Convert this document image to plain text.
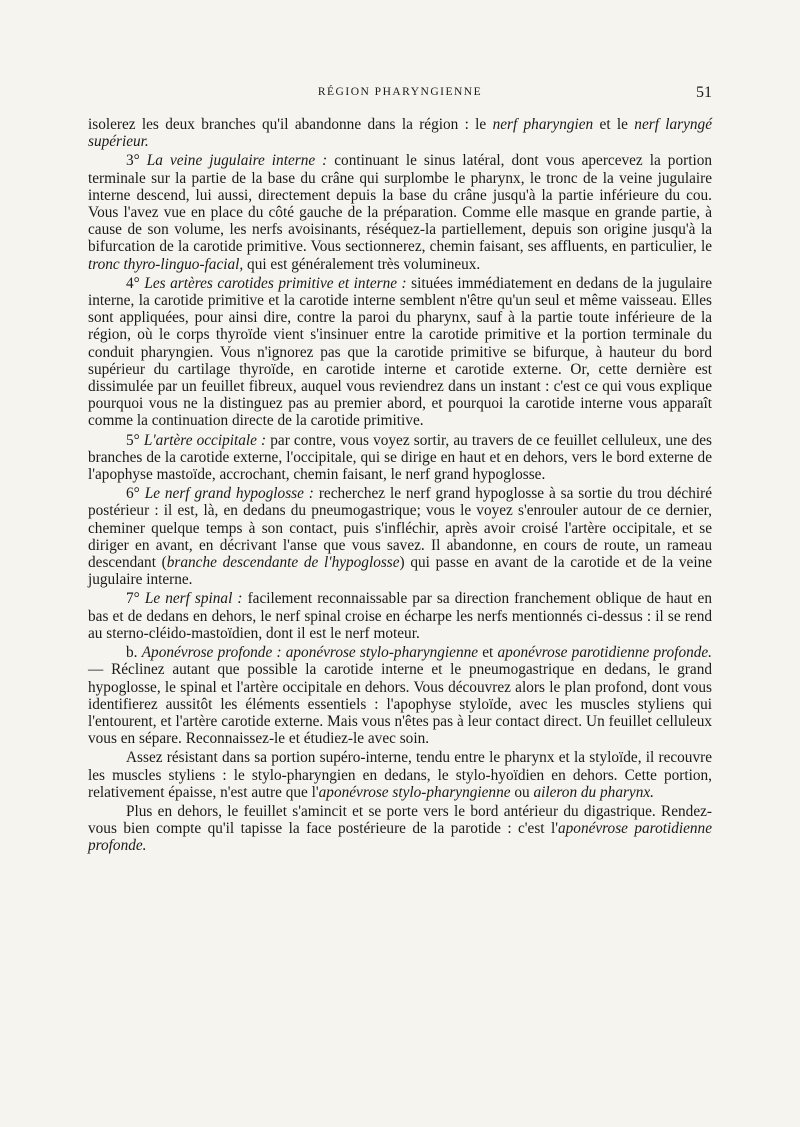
RÉGION PHARYNGIENNE	51

isolerez les deux branches qu'il abandonne dans la région : le nerf pharyngien et le nerf laryngé supérieur.

3° La veine jugulaire interne : continuant le sinus latéral, dont vous apercevez la portion terminale sur la partie de la base du crâne qui surplombe le pharynx, le tronc de la veine jugulaire interne descend, lui aussi, directement depuis la base du crâne jusqu'à la partie inférieure du cou. Vous l'avez vue en place du côté gauche de la préparation. Comme elle masque en grande partie, à cause de son volume, les nerfs avoisinants, réséquez-la partiellement, depuis son origine jusqu'à la bifurcation de la carotide primitive. Vous sectionnerez, chemin faisant, ses affluents, en particulier, le tronc thyro-linguo-facial, qui est généralement très volumineux.

4° Les artères carotides primitive et interne : situées immédiatement en dedans de la jugulaire interne, la carotide primitive et la carotide interne semblent n'être qu'un seul et même vaisseau. Elles sont appliquées, pour ainsi dire, contre la paroi du pharynx, sauf à la partie toute inférieure de la région, où le corps thyroïde vient s'insinuer entre la carotide primitive et la portion terminale du conduit pharyngien. Vous n'ignorez pas que la carotide primitive se bifurque, à hauteur du bord supérieur du cartilage thyroïde, en carotide interne et carotide externe. Or, cette dernière est dissimulée par un feuillet fibreux, auquel vous reviendrez dans un instant : c'est ce qui vous explique pourquoi vous ne la distinguez pas au premier abord, et pourquoi la carotide interne vous apparaît comme la continuation directe de la carotide primitive.

5° L'artère occipitale : par contre, vous voyez sortir, au travers de ce feuillet celluleux, une des branches de la carotide externe, l'occipitale, qui se dirige en haut et en dehors, vers le bord externe de l'apophyse mastoïde, accrochant, chemin faisant, le nerf grand hypoglosse.

6° Le nerf grand hypoglosse : recherchez le nerf grand hypoglosse à sa sortie du trou déchiré postérieur : il est, là, en dedans du pneumogastrique; vous le voyez s'enrouler autour de ce dernier, cheminer quelque temps à son contact, puis s'infléchir, après avoir croisé l'artère occipitale, et se diriger en avant, en décrivant l'anse que vous savez. Il abandonne, en cours de route, un rameau descendant (branche descendante de l'hypoglosse) qui passe en avant de la carotide et de la veine jugulaire interne.

7° Le nerf spinal : facilement reconnaissable par sa direction franchement oblique de haut en bas et de dedans en dehors, le nerf spinal croise en écharpe les nerfs mentionnés ci-dessus : il se rend au sterno-cléido-mastoïdien, dont il est le nerf moteur.

b. Aponévrose profonde : aponévrose stylo-pharyngienne et aponévrose parotidienne profonde. — Réclinez autant que possible la carotide interne et le pneumogastrique en dedans, le grand hypoglosse, le spinal et l'artère occipitale en dehors. Vous découvrez alors le plan profond, dont vous identifierez aussitôt les éléments essentiels : l'apophyse styloïde, avec les muscles styliens qui l'entourent, et l'artère carotide externe. Mais vous n'êtes pas à leur contact direct. Un feuillet celluleux vous en sépare. Reconnaissez-le et étudiez-le avec soin.

Assez résistant dans sa portion supéro-interne, tendu entre le pharynx et la styloïde, il recouvre les muscles styliens : le stylo-pharyngien en dedans, le stylo-hyoïdien en dehors. Cette portion, relativement épaisse, n'est autre que l'aponévrose stylo-pharyngienne ou aileron du pharynx.

Plus en dehors, le feuillet s'amincit et se porte vers le bord antérieur du digastrique. Rendez-vous bien compte qu'il tapisse la face postérieure de la parotide : c'est l'aponévrose parotidienne profonde.
